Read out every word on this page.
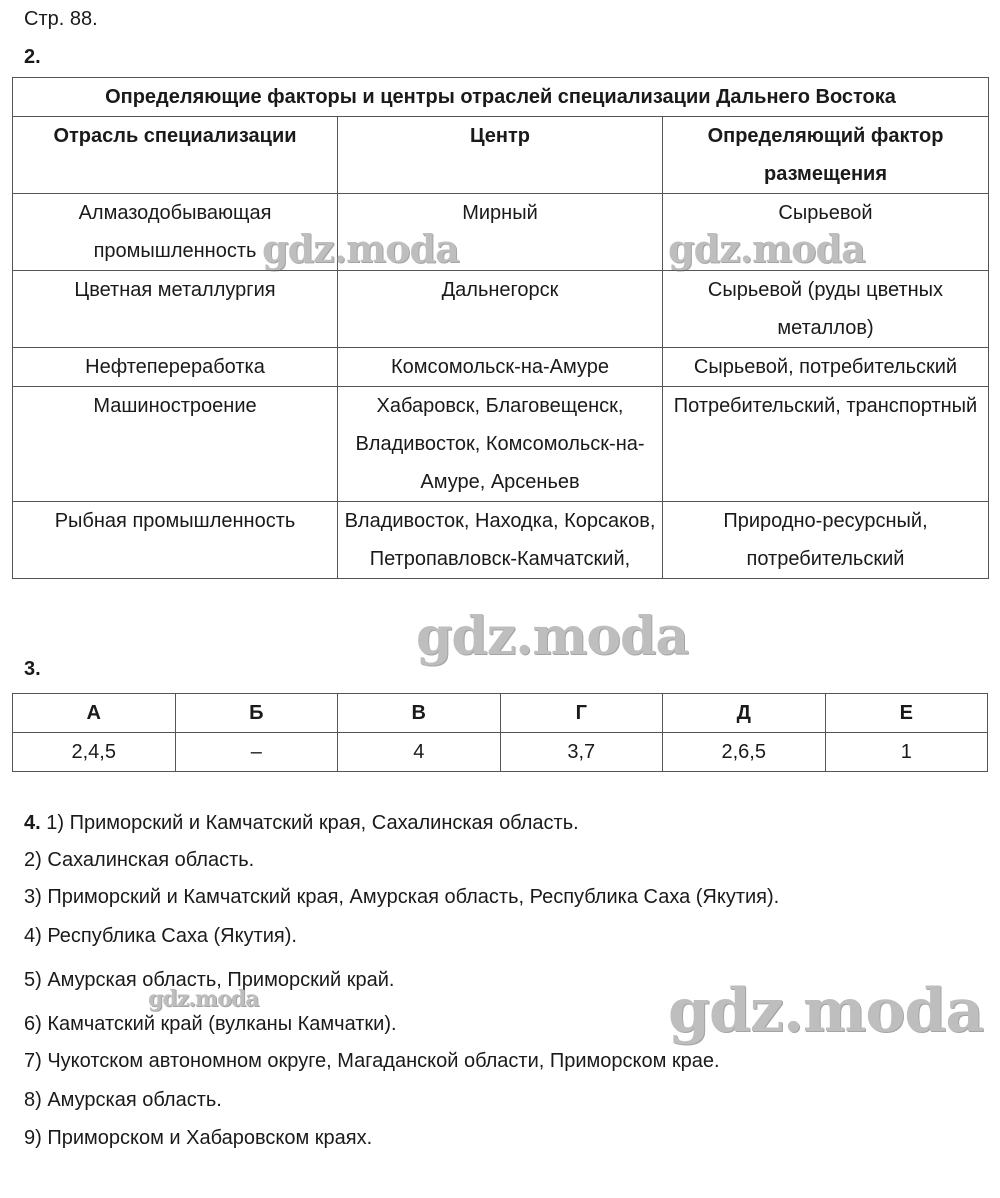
Стр. 88.
2.
Определяющие факторы и центры отраслей специализации Дальнего Востока		
Отрасль специализации	Центр	Определяющий фактор размещения
Алмазодобывающая промышленность	Мирный	Сырьевой
Цветная металлургия	Дальнегорск	Сырьевой (руды цветных металлов)
Нефтепереработка	Комсомольск-на-Амуре	Сырьевой, потребительский
Машиностроение	Хабаровск, Благовещенск, Владивосток, Комсомольск-на-Амуре, Арсеньев	Потребительский, транспортный
Рыбная промышленность	Владивосток, Находка, Корсаков, Петропавловск-Камчатский,	Природно-ресурсный, потребительский
3.
А	Б	В	Г	Д	Е
2,4,5	–	4	3,7	2,6,5	1
4. 1) Приморский и Камчатский края, Сахалинская область.
2) Сахалинская область.
3) Приморский и Камчатский края, Амурская область, Республика Саха (Якутия).
4) Республика Саха (Якутия).
5) Амурская область, Приморский край.
6) Камчатский край (вулканы Камчатки).
7) Чукотском автономном округе, Магаданской области, Приморском крае.
8) Амурская область.
9) Приморском и Хабаровском краях.
gdz.moda	gdz.moda
gdz.moda
gdz.moda	gdz.moda
